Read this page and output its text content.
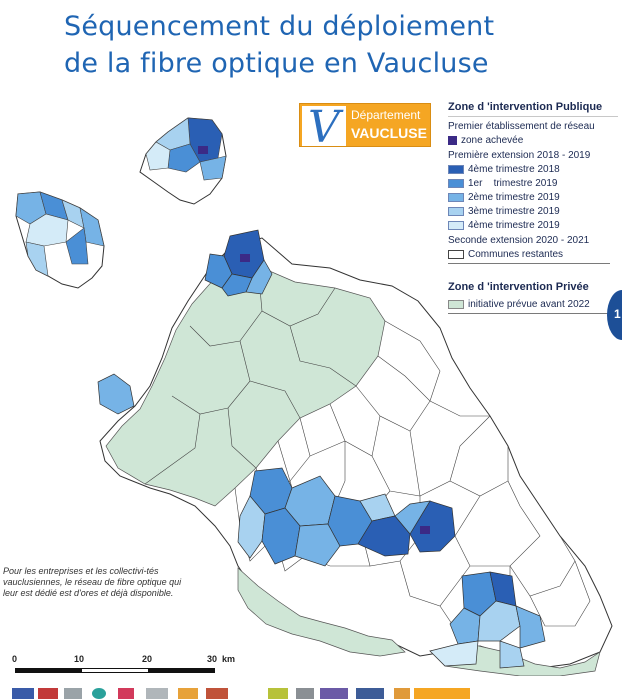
Séquencement du déploiement
de la fibre optique en Vaucluse
V Département
VAUCLUSE
Zone d 'intervention Publique
Premier établissement de réseau
zone achevée
Première extension 2018 - 2019
4ème trimestre 2018
1er    trimestre 2019
2ème trimestre 2019
3ème trimestre 2019
4ème trimestre 2019
Seconde extension 2020 - 2021
Communes restantes
Zone d 'intervention Privée
initiative prévue avant 2022
1
Pour les entreprises et les collectivi-tés vauclusiennes, le réseau de fibre optique qui leur est dédié est d'ores et déjà disponible.
0	10	20	30  km
